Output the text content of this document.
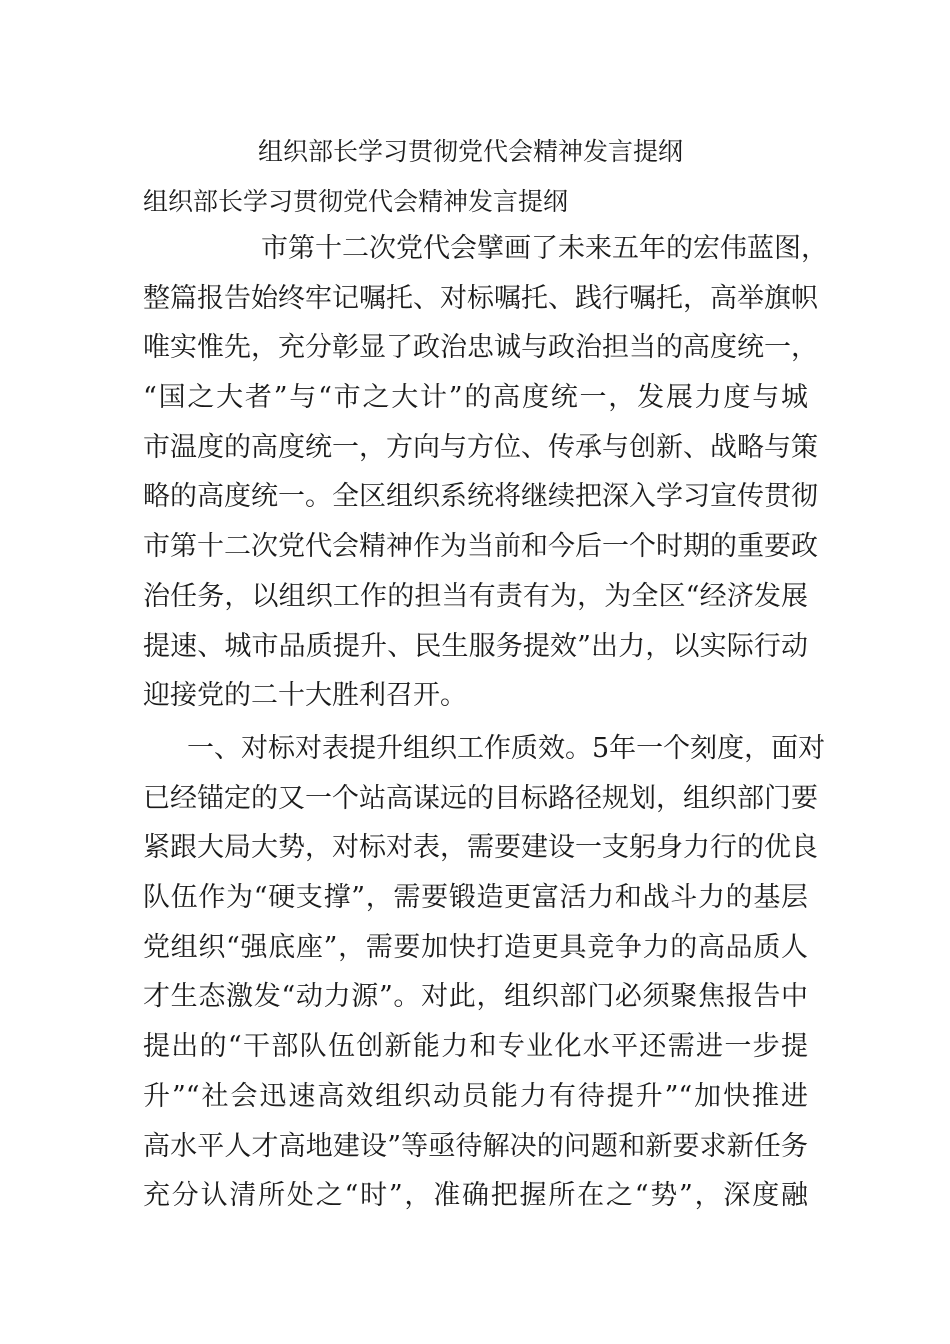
组织部长学习贯彻党代会精神发言提纲
组织部长学习贯彻党代会精神发言提纲

市第十二次党代会擘画了未来五年的宏伟蓝图，
整篇报告始终牢记嘱托、对标嘱托、践行嘱托，高举旗帜
唯实惟先，充分彰显了政治忠诚与政治担当的高度统一，
“国之大者”与“市之大计”的高度统一，发展力度与城
市温度的高度统一，方向与方位、传承与创新、战略与策
略的高度统一。全区组织系统将继续把深入学习宣传贯彻
市第十二次党代会精神作为当前和今后一个时期的重要政
治任务，以组织工作的担当有责有为，为全区“经济发展
提速、城市品质提升、民生服务提效”出力，以实际行动
迎接党的二十大胜利召开。

一、对标对表提升组织工作质效。5年一个刻度，面对
已经锚定的又一个站高谋远的目标路径规划，组织部门要
紧跟大局大势，对标对表，需要建设一支躬身力行的优良
队伍作为“硬支撑”，需要锻造更富活力和战斗力的基层
党组织“强底座”，需要加快打造更具竞争力的高品质人
才生态激发“动力源”。对此，组织部门必须聚焦报告中
提出的“干部队伍创新能力和专业化水平还需进一步提
升”“社会迅速高效组织动员能力有待提升”“加快推进
高水平人才高地建设”等亟待解决的问题和新要求新任务
充分认清所处之“时”，准确把握所在之“势”，深度融
